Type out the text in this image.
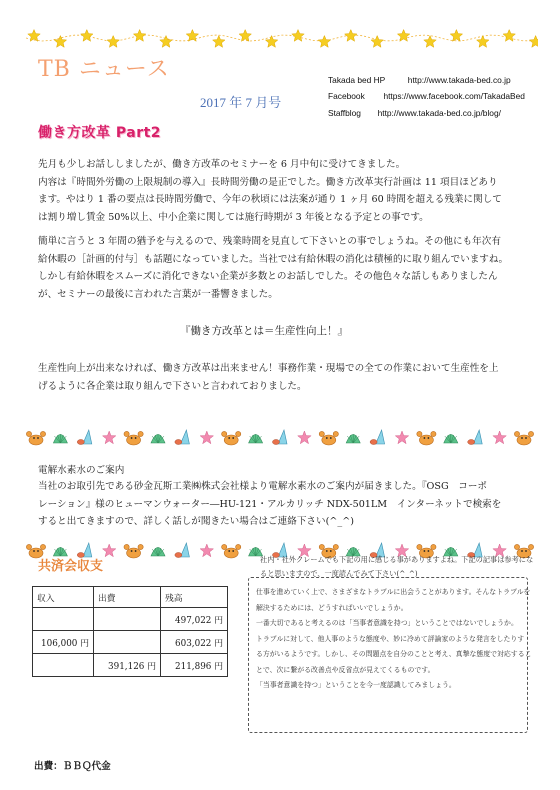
TB ニュース
2017 年 7 月号
Takada bed HP	http://www.takada-bed.co.jp
Facebook https://www.facebook.com/TakadaBed
Staffblog http://www.takada-bed.co.jp/blog/
働き方改革 Part2
先月も少しお話ししましたが、働き方改革のセミナーを 6 月中旬に受けてきました。
内容は『時間外労働の上限規制の導入』長時間労働の是正でした。働き方改革実行計画は 11 項目ほどあり
ます。やはり 1 番の要点は長時間労働で、今年の秋頃には法案が通り 1 ヶ月 60 時間を超える残業に関して
は割り増し賃金 50%以上、中小企業に関しては施行時期が 3 年後となる予定との事です。
簡単に言うと 3 年間の猶予を与えるので、残業時間を見直して下さいとの事でしょうね。その他にも年次有
給休暇の［計画的付与］も話題になっていました。当社では有給休暇の消化は積極的に取り組んでいますね。
しかし有給休暇をスムーズに消化できない企業が多数とのお話しでした。その他色々な話しもありましたん
が、セミナーの最後に言われた言葉が一番響きました。
『働き方改革とは＝生産性向上！』
生産性向上が出来なければ、働き方改革は出来ません！事務作業・現場での全ての作業において生産性を上
げるように各企業は取り組んで下さいと言われておりました。
電解水素水のご案内
当社のお取引先である砂金瓦斯工業㈱株式会社様より電解水素水のご案内が届きました。『OSG　コーポ
レーション』様のヒューマンウォーター―HU-121・アルカリッチ NDX-501LM　インターネットで検索を
すると出てきますので、詳しく話しが聞きたい場合はご連絡下さい(^_^)
共済会収支
収入	出費	残高
		497,022 円
106,000 円		603,022 円
	391,126 円	211,896 円
出費：ＢＢＱ代金
社内・社外クレームでも下記の用に感じる事がありますよね。下記の記事は参考にな
ると思いますので、一度読んでみて下さい(^_^)
仕事を進めていく上で、さまざまなトラブルに出会うことがあります。そんなトラブルを
解決するためには、どうすればいいでしょうか。
一番大切であると考えるのは「当事者意識を持つ」ということではないでしょうか。
トラブルに対して、他人事のような態度や、妙に冷めて評論家のような発言をしたりす
る方がいるようです。しかし、その問題点を自分のことと考え、真摯な態度で対応するこ
とで、次に繋がる改善点や反省点が見えてくるものです。
「当事者意識を持つ」ということを今一度認識してみましょう。
